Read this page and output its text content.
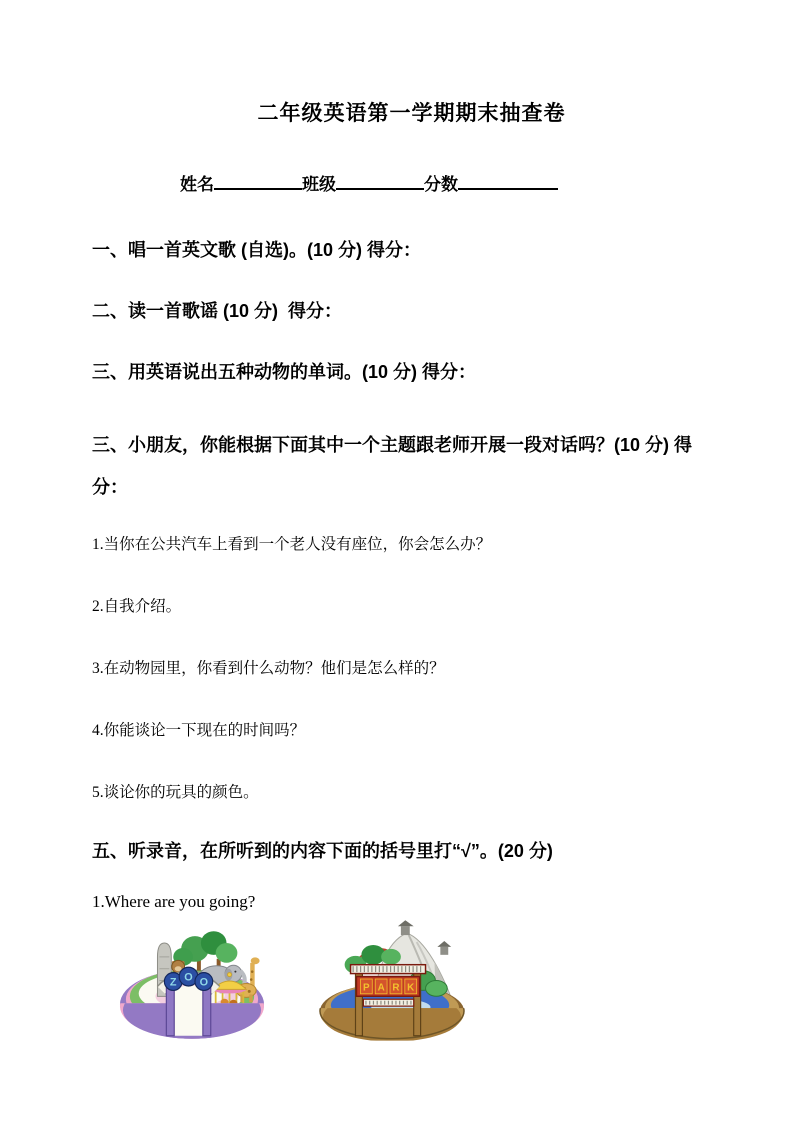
二年级英语第一学期期末抽查卷
姓名	班级	分数

一、唱一首英文歌 (自选)。(10 分) 得分：

二、读一首歌谣 (10 分)  得分：

三、用英语说出五种动物的单词。(10 分) 得分：

三、小朋友，你能根据下面其中一个主题跟老师开展一段对话吗？(10 分) 得分：

1.当你在公共汽车上看到一个老人没有座位，你会怎么办？

2.自我介绍。

3.在动物园里，你看到什么动物？他们是怎么样的？

4.你能谈论一下现在的时间吗？

5.谈论你的玩具的颜色。

五、听录音，在所听到的内容下面的括号里打“√”。(20 分)

1.Where are you going?

Z O O	P A R K
